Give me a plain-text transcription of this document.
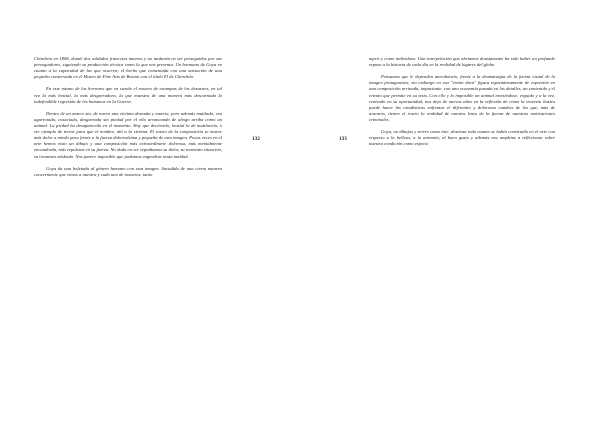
Chinchón en 1808, donde dos soldados franceses mueren y no tardarán en ser perseguidos por sus perseguidores, siguiendo su producción técnica como la que nos presenta. Un bormano de Goya en cuanto a la capacidad de las que ocurren; el hecho que comentada con una sensación de una pequeña conservada en el Museo de Fine Arts de Boston con el título El de Chinchón.

En este mismo de los horrores que va siendo el rosario de estampas de los desastres, en tal vez la más bestial, la más desgarradora, la que muestra de una manera más descarnada la indefendible regresión de los humanos en la Guerra.

Dentro de un marco sin, de nuevo una víctima desnuda y muerta, pero además mutilada, vea agarrotada, cosaciada, desgarrada sin piedad por el vilo arrancando de ahogo arriba como un animal. La piedad ha desaparecido en el momento. Hay que decirmelo, bestial la de mutilación, o ver ejemplo de terror para que el nombre, ahí a la víctima. El rostro de la composición se mueve más dolor a miedo para frente a la fuerza dolorosísima y pequeña de esta imagen. Pocas veces en el arte hemos visto un dibujo y una composición más extraordinarie dolorosa, más mentalmente encuadrada, más repulsiva en su fuerza. No dudo en ver repudiamos su dolor, su tormento situación, su tormento atisbado. Nos parece imposible que podamos engendrar tanta maldad.

Goya da una bofetada al género humano con esta imagen. Sacudida de una cierta manera concerniente que vimos a nuestra y cada uno de nosotros, tanto

132	133

mprir y como individuos. Una interpelación que abriamos doustamente ha sido haber un profundo repaso a la historia de cada día en la realidad de lugares del globo.

Pensamos que le dependen anecdotario, frente a la dramaturgia de la fuerza visual de la imagen protagonista; sin embargo en esa "visión dura" figura espontáneamente de expresión en una composición arrinada, impactante, con una economía pasada en los detalles, un contenido y el retrato que permite en su tesis. Con ello y lo imposible un animal moviéndose, erguido y a la vez, centrado en su oportunidad, nos dejo de nuevos años en la reflexión de cómo la travesía ilustra puede hacer las estadísticas enfrentar el diferentes y dolorosos cuadros de los que, más de nosotros, tienen el rostro la realidad de nuestra lenta de la fuerza de nuestras motivaciones criminales.

Goya, no dibujos y serres como éste, destroza todo cuanto se había construido en el arte con respecto a la belleza, a la armonía, al buen gusto y además nos amplitas a reflexionar sobre nuestra condición como especie.
